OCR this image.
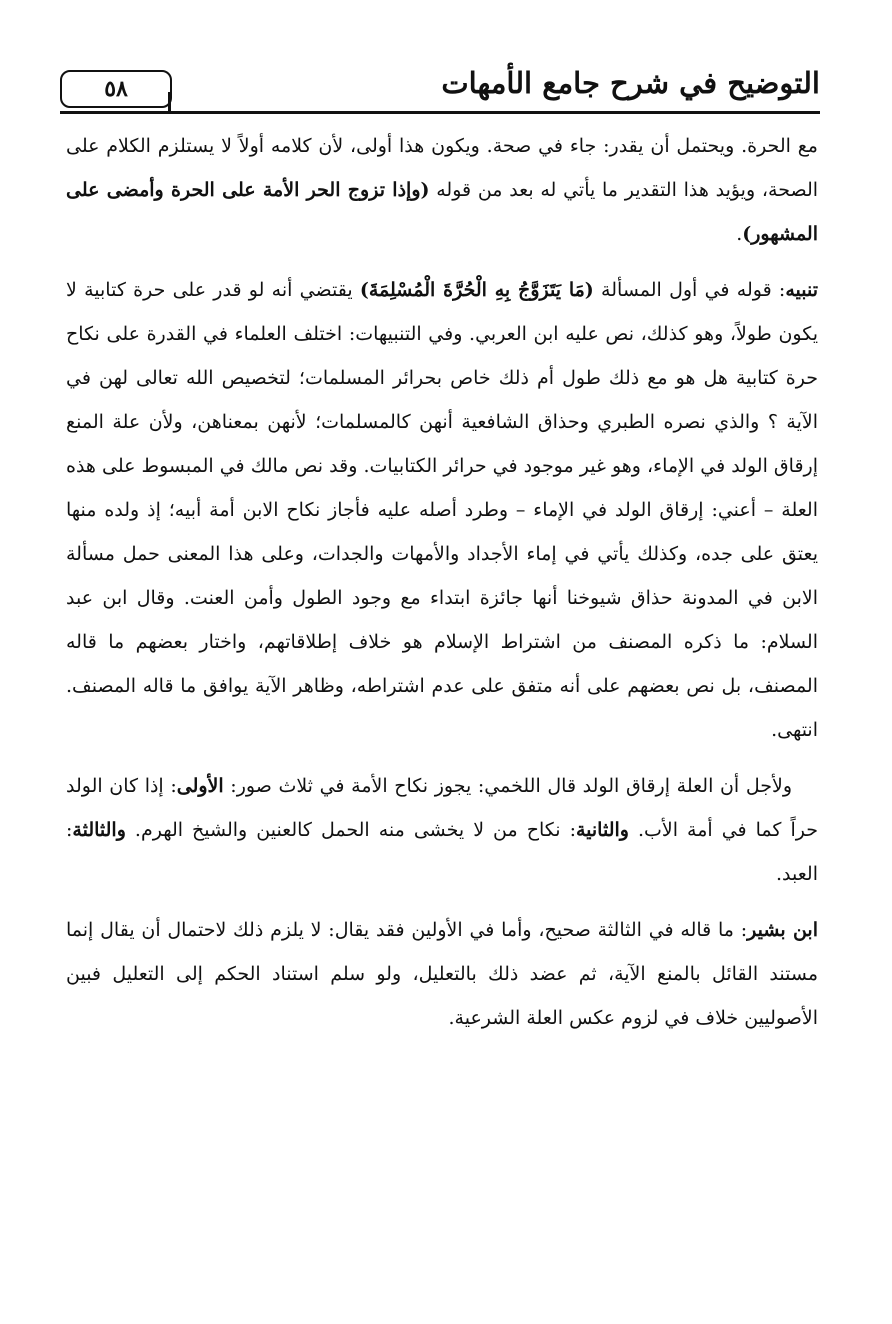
التوضيح في شرح جامع الأمهات
٥٨

مع الحرة. ويحتمل أن يقدر: جاء في صحة. ويكون هذا أولى، لأن كلامه أولاً لا يستلزم الكلام على الصحة، ويؤيد هذا التقدير ما يأتي له بعد من قوله (وإذا تزوج الحر الأمة على الحرة وأمضى على المشهور).

تنبيه: قوله في أول المسألة (مَا يَتَزَوَّجُ بِهِ الْحُرَّةَ الْمُسْلِمَةَ) يقتضي أنه لو قدر على حرة كتابية لا يكون طولاً، وهو كذلك، نص عليه ابن العربي. وفي التنبيهات: اختلف العلماء في القدرة على نكاح حرة كتابية هل هو مع ذلك طول أم ذلك خاص بحرائر المسلمات؛ لتخصيص الله تعالى لهن في الآية ؟ والذي نصره الطبري وحذاق الشافعية أنهن كالمسلمات؛ لأنهن بمعناهن، ولأن علة المنع إرقاق الولد في الإماء، وهو غير موجود في حرائر الكتابيات. وقد نص مالك في المبسوط على هذه العلة – أعني: إرقاق الولد في الإماء – وطرد أصله عليه فأجاز نكاح الابن أمة أبيه؛ إذ ولده منها يعتق على جده، وكذلك يأتي في إماء الأجداد والأمهات والجدات، وعلى هذا المعنى حمل مسألة الابن في المدونة حذاق شيوخنا أنها جائزة ابتداء مع وجود الطول وأمن العنت. وقال ابن عبد السلام: ما ذكره المصنف من اشتراط الإسلام هو خلاف إطلاقاتهم، واختار بعضهم ما قاله المصنف، بل نص بعضهم على أنه متفق على عدم اشتراطه، وظاهر الآية يوافق ما قاله المصنف. انتهى.

ولأجل أن العلة إرقاق الولد قال اللخمي: يجوز نكاح الأمة في ثلاث صور: الأولى: إذا كان الولد حراً كما في أمة الأب. والثانية: نكاح من لا يخشى منه الحمل كالعنين والشيخ الهرم. والثالثة: العبد.

ابن بشير: ما قاله في الثالثة صحيح، وأما في الأولين فقد يقال: لا يلزم ذلك لاحتمال أن يقال إنما مستند القائل بالمنع الآية، ثم عضد ذلك بالتعليل، ولو سلم استناد الحكم إلى التعليل فبين الأصوليين خلاف في لزوم عكس العلة الشرعية.
